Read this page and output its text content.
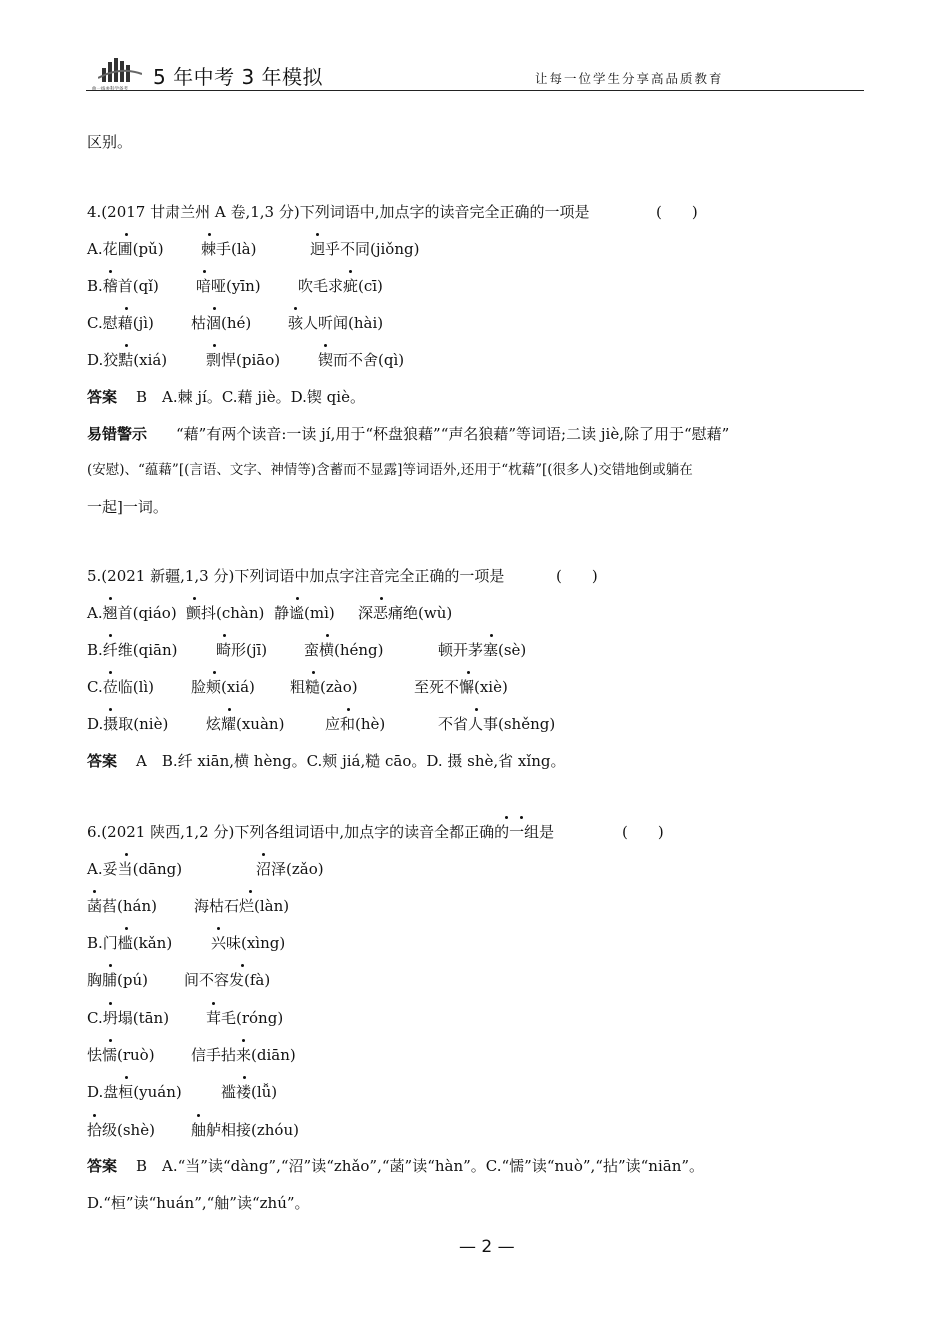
曲一线®科学备考
5 年中考 3 年模拟	让每一位学生分享高品质教育
区别。
4.(2017 甘肃兰州 A 卷,1,3 分)下列词语中,加点字的读音完全正确的一项是	(　　)
A.花圃(pǔ) 棘手(là)	迥乎不同(jiǒng)
B.稽首(qǐ) 喑哑(yīn) 吹毛求疵(cī)
C.慰藉(jì) 枯涸(hé) 骇人听闻(hài)
D.狡黠(xiá)	剽悍(piāo)	锲而不舍(qì)
答案 B　A.棘 jí。C.藉 jiè。D.锲 qiè。
易错警示 “藉”有两个读音:一读 jí,用于“杯盘狼藉”“声名狼藉”等词语;二读 jiè,除了用于“慰藉”
(安慰)、“蕴藉”[(言语、文字、神情等)含蓄而不显露]等词语外,还用于“枕藉”[(很多人)交错地倒或躺在
一起]一词。
5.(2021 新疆,1,3 分)下列词语中加点字注音完全正确的一项是	(　　)
A.翘首(qiáo) 颤抖(chàn) 静谧(mì) 深恶痛绝(wù)
B.纤维(qiān)	畸形(jī) 蛮横(héng)	顿开茅塞(sè)
C.莅临(lì) 脸颊(xiá) 粗糙(zào)	至死不懈(xiè)
D.摄取(niè)	炫耀(xuàn)	应和(hè)	不省人事(shěng)
答案 A　B.纤 xiān,横 hèng。C.颊 jiá,糙 cāo。D. 摄 shè,省 xǐng。
6.(2021 陕西,1,2 分)下列各组词语中,加点字的读音全都正确的一组是	(　　)
A.妥当(dāng)	沼泽(zǎo)
菡萏(hán) 海枯石烂(làn)
B.门槛(kǎn)	兴味(xìng)
胸脯(pú) 间不容发(fà)
C.坍塌(tān) 茸毛(róng)
怯懦(ruò) 信手拈来(diān)
D.盘桓(yuán)	褴褛(lǚ)
拾级(shè) 舳舻相接(zhóu)
答案 B　A.“当”读“dàng”,“沼”读“zhǎo”,“菡”读“hàn”。C.“懦”读“nuò”,“拈”读“niān”。
D.“桓”读“huán”,“舳”读“zhú”。
— 2 —
